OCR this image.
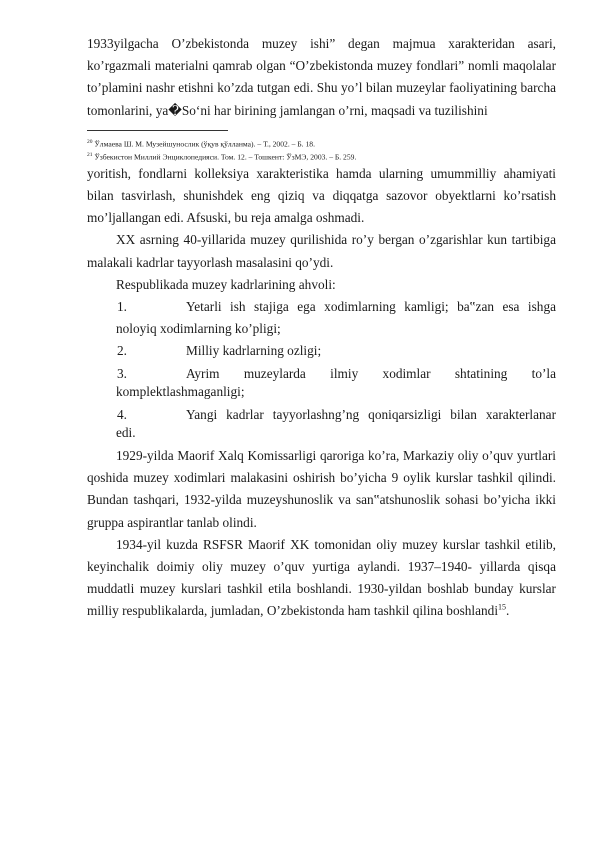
1933yilgacha O’zbekistonda muzey ishi” degan majmua xarakteridan asari, ko’rgazmali materialni qamrab olgan “O’zbekistonda muzey fondlari” nomli maqolalar to’plamini nashr etishni ko’zda tutgan edi. Shu yo’l bilan muzeylar faoliyatining barcha tomonlarini, ya�So‘ni har birining jamlangan o’rni, maqsadi va tuzilishini

$^{20}$ Ўлмаева Ш. М. Музейшунослик (ўқув қўлланма). – Т., 2002. – Б. 18.
$^{21}$ Ўзбекистон Миллий Энциклопедияси. Том. 12. – Тошкент: ЎзМЭ, 2003. – Б. 259.

yoritish, fondlarni kolleksiya xarakteristika hamda ularning umummilliy ahamiyati bilan tasvirlash, shunishdek eng qiziq va diqqatga sazovor obyektlarni ko’rsatish mo’ljallangan edi. Afsuski, bu reja amalga oshmadi.

XX asrning 40-yillarida muzey qurilishida ro’y bergan o’zgarishlar kun tartibiga malakali kadrlar tayyorlash masalasini qo’ydi.

Respublikada muzey kadrlarining ahvoli:

1.	Yetarli ish stajiga ega xodimlarning kamligi; ba‟zan esa ishga
noloyiq xodimlarning ko’pligi;
2.	Milliy kadrlarning ozligi;
3.	Ayrim muzeylarda ilmiy xodimlar shtatining to’la
komplektlashmaganligi;
4.	Yangi kadrlar tayyorlashng’ng qoniqarsizligi bilan xarakterlanar
edi.

1929-yilda Maorif Xalq Komissarligi qaroriga ko’ra, Markaziy oliy o’quv yurtlari qoshida muzey xodimlari malakasini oshirish bo’yicha 9 oylik kurslar tashkil qilindi. Bundan tashqari, 1932-yilda muzeyshunoslik va san‟atshunoslik sohasi bo’yicha ikki gruppa aspirantlar tanlab olindi.

1934-yil kuzda RSFSR Maorif XK tomonidan oliy muzey kurslar tashkil etilib, keyinchalik doimiy oliy muzey o’quv yurtiga aylandi. 1937–1940- yillarda qisqa muddatli muzey kurslari tashkil etila boshlandi. 1930-yildan boshlab bunday kurslar milliy respublikalarda, jumladan, O’zbekistonda ham tashkil qilina boshlandi$^{15}$.
